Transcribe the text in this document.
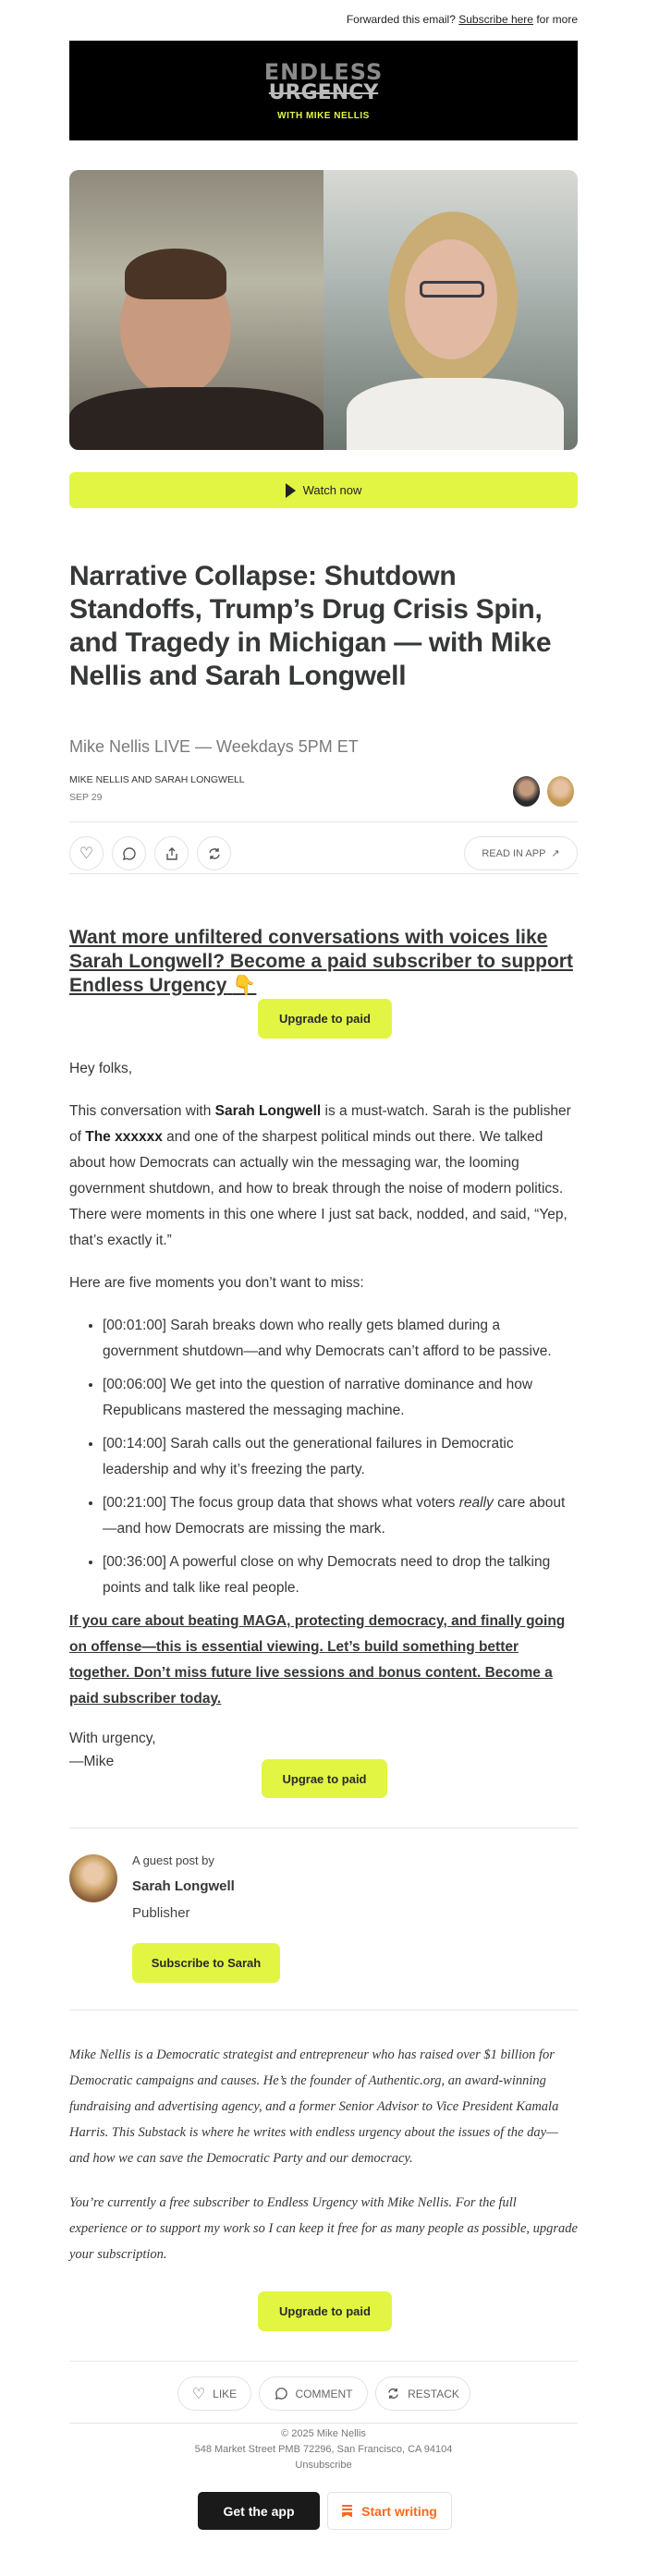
Forwarded this email? Subscribe here for more
ENDLESS
URGENCY
WITH MIKE NELLIS
Watch now
Narrative Collapse: Shutdown Standoffs, Trump’s Drug Crisis Spin, and Tragedy in Michigan — with Mike Nellis and Sarah Longwell
Mike Nellis LIVE — Weekdays 5PM ET
MIKE NELLIS AND SARAH LONGWELL
SEP 29
♡	READ IN APP ↗
Want more unfiltered conversations with voices like Sarah Longwell? Become a paid subscriber to support Endless Urgency 👇
Upgrade to paid

Hey folks,

This conversation with Sarah Longwell is a must-watch. Sarah is the publisher of The xxxxxx and one of the sharpest political minds out there. We talked about how Democrats can actually win the messaging war, the looming government shutdown, and how to break through the noise of modern politics. There were moments in this one where I just sat back, nodded, and said, “Yep, that’s exactly it.”

Here are five moments you don’t want to miss:

• [00:01:00] Sarah breaks down who really gets blamed during a government shutdown—and why Democrats can’t afford to be passive.
• [00:06:00] We get into the question of narrative dominance and how Republicans mastered the messaging machine.
• [00:14:00] Sarah calls out the generational failures in Democratic leadership and why it’s freezing the party.
• [00:21:00] The focus group data that shows what voters really care about—and how Democrats are missing the mark.
• [00:36:00] A powerful close on why Democrats need to drop the talking points and talk like real people.

If you care about beating MAGA, protecting democracy, and finally going on offense—this is essential viewing. Let’s build something better together. Don’t miss future live sessions and bonus content. Become a paid subscriber today.

With urgency,

—Mike

Upgrae to paid
A guest post by
Sarah Longwell
Publisher
Subscribe to Sarah

Mike Nellis is a Democratic strategist and entrepreneur who has raised over $1 billion for Democratic campaigns and causes. He’s the founder of Authentic.org, an award-winning fundraising and advertising agency, and a former Senior Advisor to Vice President Kamala Harris. This Substack is where he writes with endless urgency about the issues of the day—and how we can save the Democratic Party and our democracy.

You’re currently a free subscriber to Endless Urgency with Mike Nellis. For the full experience or to support my work so I can keep it free for as many people as possible, upgrade your subscription.

Upgrade to paid
♡ LIKE	COMMENT	RESTACK
© 2025 Mike Nellis
548 Market Street PMB 72296, San Francisco, CA 94104
Unsubscribe
Get the app	Start writing
